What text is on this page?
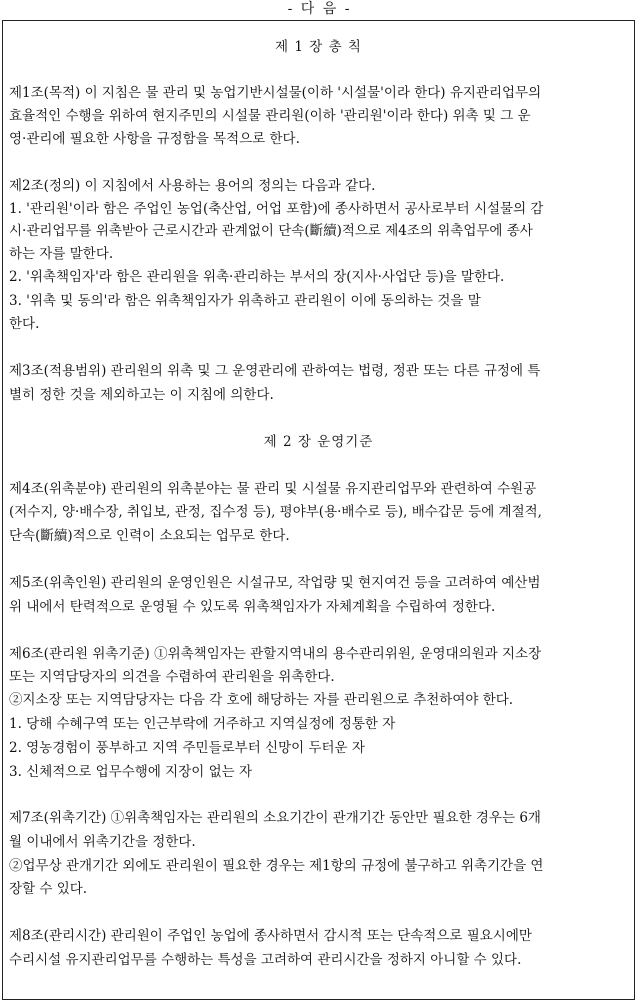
- 다 음 -
제 1 장 총 칙
제1조(목적) 이 지침은 물 관리 및 농업기반시설물(이하 '시설물'이라 한다) 유지관리업무의
효율적인 수행을 위하여 현지주민의 시설물 관리원(이하 '관리원'이라 한다) 위촉 및 그 운
영·관리에 필요한 사항을 규정함을 목적으로 한다.
제2조(정의) 이 지침에서 사용하는 용어의 정의는 다음과 같다.
1. '관리원'이라 함은 주업인 농업(축산업, 어업 포함)에 종사하면서 공사로부터 시설물의 감
시·관리업무를 위촉받아 근로시간과 관계없이 단속(斷續)적으로 제4조의 위촉업무에 종사
하는 자를 말한다.
2. '위촉책임자'라 함은 관리원을 위촉·관리하는 부서의 장(지사·사업단 등)을 말한다.
3. '위촉 및 동의'라 함은 위촉책임자가 위촉하고 관리원이 이에 동의하는 것을 말
한다.
제3조(적용범위) 관리원의 위촉 및 그 운영관리에 관하여는 법령, 정관 또는 다른 규정에 특
별히 정한 것을 제외하고는 이 지침에 의한다.
제 2 장 운영기준
제4조(위촉분야) 관리원의 위촉분야는 물 관리 및 시설물 유지관리업무와 관련하여 수원공
(저수지, 양·배수장, 취입보, 관정, 집수정 등), 평야부(용·배수로 등), 배수갑문 등에 계절적,
단속(斷續)적으로 인력이 소요되는 업무로 한다.
제5조(위촉인원) 관리원의 운영인원은 시설규모, 작업량 및 현지여건 등을 고려하여 예산범
위 내에서 탄력적으로 운영될 수 있도록 위촉책임자가 자체계획을 수립하여 정한다.
제6조(관리원 위촉기준) ①위촉책임자는 관할지역내의 용수관리위원, 운영대의원과 지소장
또는 지역담당자의 의견을 수렴하여 관리원을 위촉한다.
②지소장 또는 지역담당자는 다음 각 호에 해당하는 자를 관리원으로 추천하여야 한다.
1. 당해 수혜구역 또는 인근부락에 거주하고 지역실정에 정통한 자
2. 영농경험이 풍부하고 지역 주민들로부터 신망이 두터운 자
3. 신체적으로 업무수행에 지장이 없는 자
제7조(위촉기간) ①위촉책임자는 관리원의 소요기간이 관개기간 동안만 필요한 경우는 6개
월 이내에서 위촉기간을 정한다.
②업무상 관개기간 외에도 관리원이 필요한 경우는 제1항의 규정에 불구하고 위촉기간을 연
장할 수 있다.
제8조(관리시간) 관리원이 주업인 농업에 종사하면서 감시적 또는 단속적으로 필요시에만
수리시설 유지관리업무를 수행하는 특성을 고려하여 관리시간을 정하지 아니할 수 있다.
